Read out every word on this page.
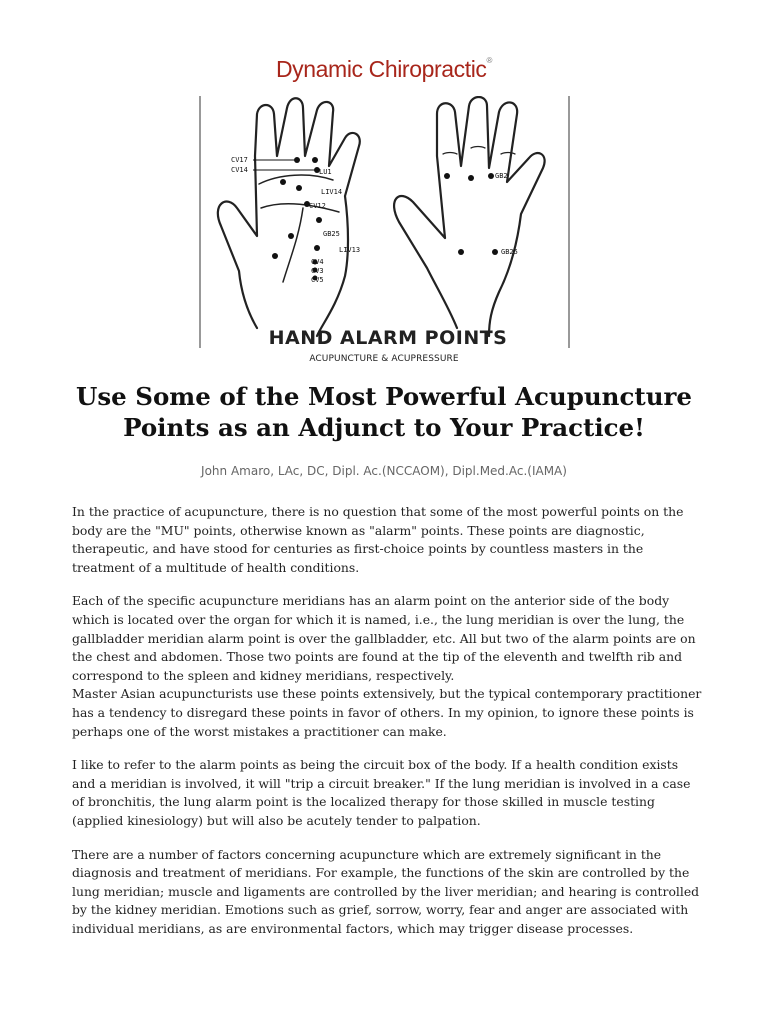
Dynamic Chiropractic®
CV17
CV14	LU1
LIV14
CV12
GB25
LIV13
CV4
CV3
CV5
GB2
GB25
HAND ALARM POINTS
ACUPUNCTURE & ACUPRESSURE
Use Some of the Most Powerful Acupuncture Points as an Adjunct to Your Practice!
John Amaro, LAc, DC, Dipl. Ac.(NCCAOM), Dipl.Med.Ac.(IAMA)

In the practice of acupuncture, there is no question that some of the most powerful points on the body are the "MU" points, otherwise known as "alarm" points. These points are diagnostic, therapeutic, and have stood for centuries as first-choice points by countless masters in the treatment of a multitude of health conditions.

Each of the specific acupuncture meridians has an alarm point on the anterior side of the body which is located over the organ for which it is named, i.e., the lung meridian is over the lung, the gallbladder meridian alarm point is over the gallbladder, etc. All but two of the alarm points are on the chest and abdomen. Those two points are found at the tip of the eleventh and twelfth rib and correspond to the spleen and kidney meridians, respectively.

Master Asian acupuncturists use these points extensively, but the typical contemporary practitioner has a tendency to disregard these points in favor of others. In my opinion, to ignore these points is perhaps one of the worst mistakes a practitioner can make.

I like to refer to the alarm points as being the circuit box of the body. If a health condition exists and a meridian is involved, it will "trip a circuit breaker." If the lung meridian is involved in a case of bronchitis, the lung alarm point is the localized therapy for those skilled in muscle testing (applied kinesiology) but will also be acutely tender to palpation.

There are a number of factors concerning acupuncture which are extremely significant in the diagnosis and treatment of meridians. For example, the functions of the skin are controlled by the lung meridian; muscle and ligaments are controlled by the liver meridian; and hearing is controlled by the kidney meridian. Emotions such as grief, sorrow, worry, fear and anger are associated with individual meridians, as are environmental factors, which may trigger disease processes.
